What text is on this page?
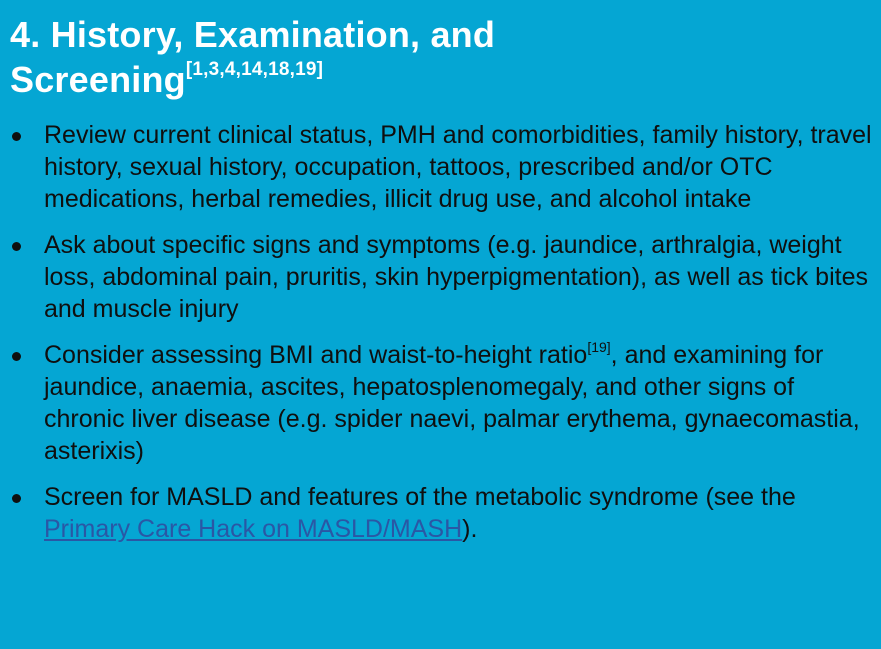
4. History, Examination, and
Screening[1,3,4,14,18,19]
Review current clinical status, PMH and comorbidities, family history, travel history, sexual history, occupation, tattoos, prescribed and/or OTC medications, herbal remedies, illicit drug use, and alcohol intake
Ask about specific signs and symptoms (e.g. jaundice, arthralgia, weight loss, abdominal pain, pruritis, skin hyperpigmentation), as well as tick bites and muscle injury
Consider assessing BMI and waist-to-height ratio[19], and examining for jaundice, anaemia, ascites, hepatosplenomegaly, and other signs of chronic liver disease (e.g. spider naevi, palmar erythema, gynaecomastia, asterixis)
Screen for MASLD and features of the metabolic syndrome (see the Primary Care Hack on MASLD/MASH).
